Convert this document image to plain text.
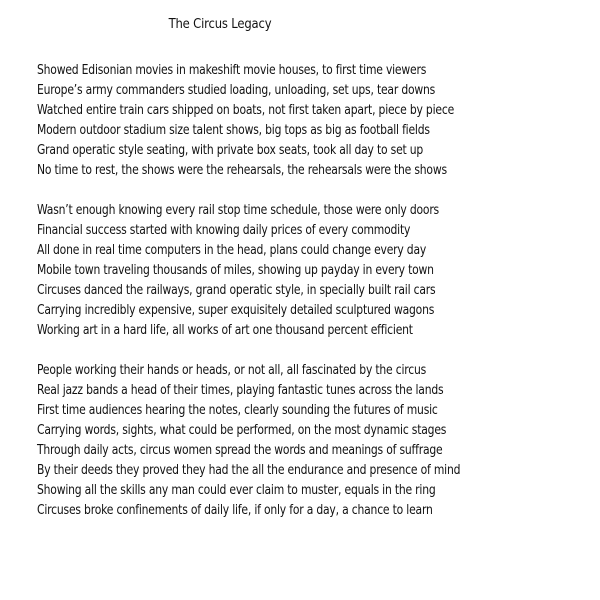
The Circus Legacy
Showed Edisonian movies in makeshift movie houses, to first time viewers
Europe’s army commanders studied loading, unloading, set ups, tear downs
Watched entire train cars shipped on boats, not first taken apart, piece by piece
Modern outdoor stadium size talent shows, big tops as big as football fields
Grand operatic style seating, with private box seats, took all day to set up
No time to rest, the shows were the rehearsals, the rehearsals were the shows
Wasn’t enough knowing every rail stop time schedule, those were only doors
Financial success started with knowing daily prices of every commodity
All done in real time computers in the head, plans could change every day
Mobile town traveling thousands of miles, showing up payday in every town
Circuses danced the railways, grand operatic style, in specially built rail cars
Carrying incredibly expensive, super exquisitely detailed sculptured wagons
Working art in a hard life, all works of art one thousand percent efficient
People working their hands or heads, or not all, all fascinated by the circus
Real jazz bands a head of their times, playing fantastic tunes across the lands
First time audiences hearing the notes, clearly sounding the futures of music
Carrying words, sights, what could be performed, on the most dynamic stages
Through daily acts, circus women spread the words and meanings of suffrage
By their deeds they proved they had the all the endurance and presence of mind
Showing all the skills any man could ever claim to muster, equals in the ring
Circuses broke confinements of daily life, if only for a day, a chance to learn
